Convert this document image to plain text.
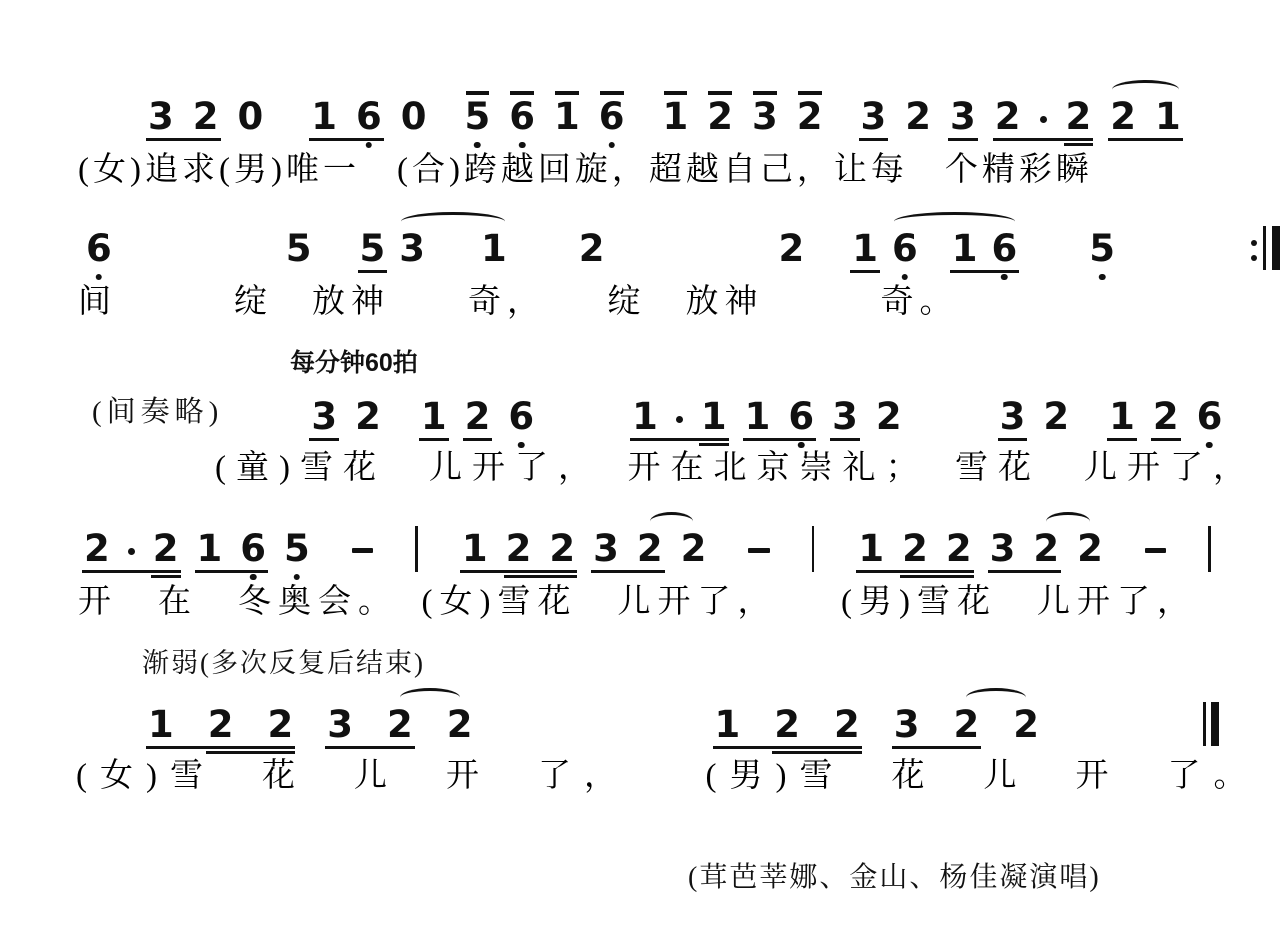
3 2 0 1 6 0 5 6 1 6 1 2 3 2 3 2 3 2 2 2 1
(女)追求(男)唯一　(合)跨越回旋，超越自己，让每　个精彩瞬
6	5 5 3 1 2	2 1 6 1 6 5
间　　　绽　放神　　奇，　　绽　放神　　　奇。
每分钟60拍
(间奏略) 3 2 1 2 6	1 1 1 6 3 2	3 2 1 2 6
(童)雪花　儿开了，　开在北京崇礼；　雪花　儿开了，
2 2 1 6 5	1 2 2 3 2 2	1 2 2 3 2 2
开　在　冬奥会。　(女)雪花　儿开了，　　(男)雪花　儿开了，
渐弱(多次反复后结束)
1 2 2 3 2 2	1 2 2 3 2 2
(女)雪　花　儿　开　了，　　(男)雪　花　儿　开　了。
(茸芭莘娜、金山、杨佳凝演唱)
